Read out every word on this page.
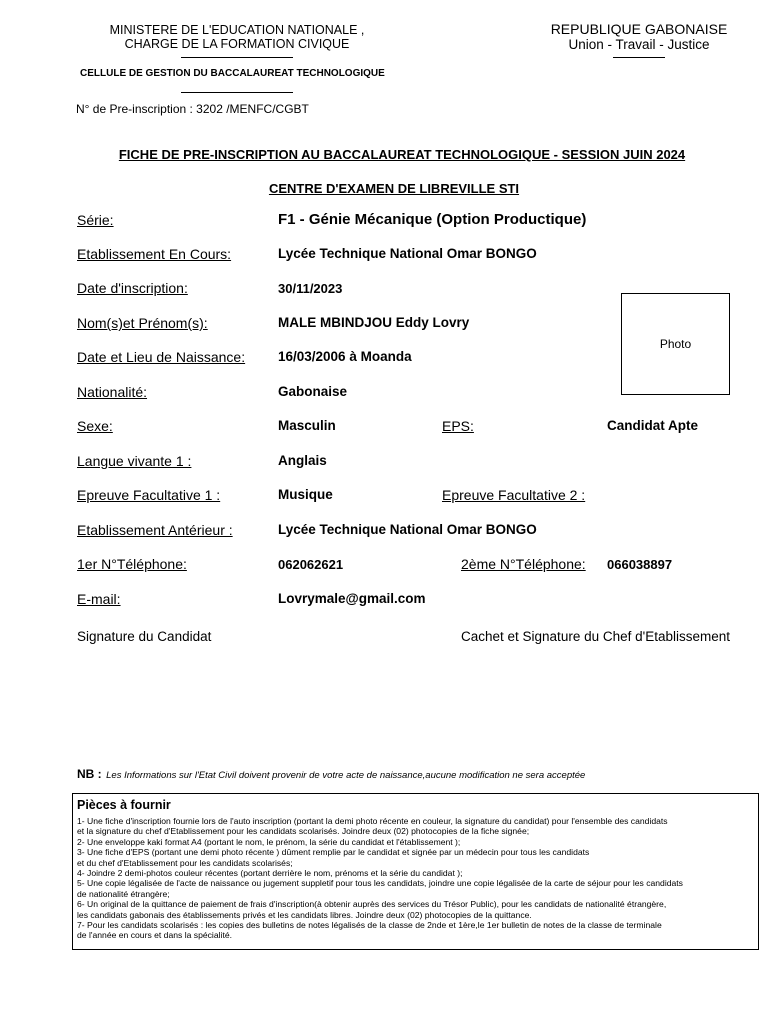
MINISTERE DE L'EDUCATION NATIONALE ,
CHARGE DE LA FORMATION CIVIQUE
CELLULE DE GESTION DU BACCALAUREAT TECHNOLOGIQUE
N° de Pre-inscription : 3202 /MENFC/CGBT
REPUBLIQUE GABONAISE
Union - Travail - Justice
FICHE DE PRE-INSCRIPTION AU BACCALAUREAT TECHNOLOGIQUE - SESSION JUIN 2024
CENTRE D'EXAMEN DE LIBREVILLE STI
Photo
Série:	F1 - Génie Mécanique (Option Productique)
Etablissement En Cours:	Lycée Technique National Omar BONGO
Date d'inscription:	30/11/2023
Nom(s)et Prénom(s):	MALE MBINDJOU Eddy Lovry
Date et Lieu de Naissance: 16/03/2006 à Moanda
Nationalité:	Gabonaise
Sexe:	Masculin	EPS:	Candidat Apte
Langue vivante 1 :	Anglais
Epreuve Facultative 1 :	Musique	Epreuve Facultative 2 :
Etablissement Antérieur :	Lycée Technique National Omar BONGO
1er N°Téléphone:	062062621	2ème N°Téléphone: 066038897
E-mail:	Lovrymale@gmail.com
Signature du Candidat	Cachet et Signature du Chef d'Etablissement
NB : Les Informations sur l'Etat Civil doivent provenir de votre acte de naissance,aucune modification ne sera acceptée
Pièces à fournir
1- Une fiche d'inscription fournie lors de l'auto inscription (portant la demi photo récente en couleur, la signature du candidat) pour l'ensemble des candidats
et la signature du chef d'Etablissement pour les candidats scolarisés. Joindre deux (02) photocopies de la fiche signée;
2- Une enveloppe kaki format A4 (portant le nom, le prénom, la série du candidat et l'établissement );
3- Une fiche d'EPS (portant une demi photo récente ) dûment remplie par le candidat et signée par un médecin pour tous les candidats
et du chef d'Etablissement pour les candidats scolarisés;
4- Joindre 2 demi-photos couleur récentes (portant derrière le nom, prénoms et la série du candidat );
5- Une copie légalisée de l'acte de naissance ou jugement suppletif pour tous les candidats, joindre une copie légalisée de la carte de séjour pour les candidats
de nationalité étrangère;
6- Un original de la quittance de paiement de frais d'inscription(à obtenir auprès des services du Trésor Public), pour les candidats de nationalité étrangère,
les candidats gabonais des établissements privés et les candidats libres. Joindre deux (02) photocopies de la quittance.
7- Pour les candidats scolarisés : les copies des bulletins de notes légalisés de la classe de 2nde et 1ère,le 1er bulletin de notes de la classe de terminale
de l'année en cours et dans la spécialité.
